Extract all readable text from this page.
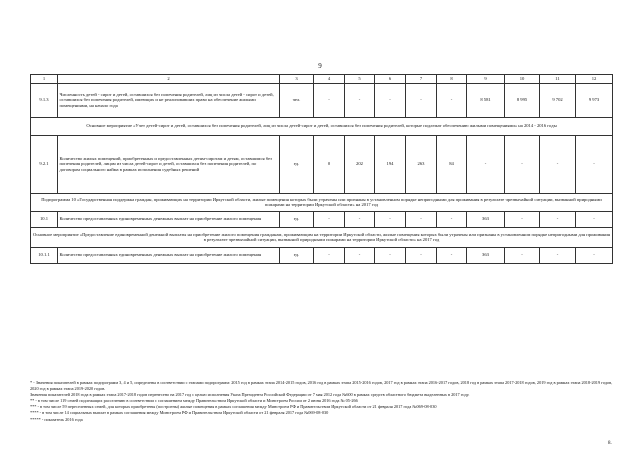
9
1	2	3	4	5	6	7	8	9	10	11	12
9.1.3	Численность детей - сирот и детей, оставшихся без попечения родителей, лиц из числа детей - сирот и детей, оставшихся без попечения родителей, имеющих и не реализовавших право на обеспечение жилыми помещениями, на начало года	чел.	-	-	-	-	-	8 581	8 995	9 702	9 973
Основное мероприятие «Учет детей-сирот и детей, оставшихся без попечения родителей, лиц из числа детей-сирот и детей, оставшихся без попечения родителей, которые подлежат обеспечению жилыми помещениями» на 2014 - 2016 годы											
9.2.1	Количество жилых помещений, приобретенных и предоставленных детям-сиротам и детям, оставшимся без попечения родителей, лицам из числа детей-сирот и детей, оставшихся без попечения родителей, по договорам социального найма в рамках исполнения судебных решений	ед.	0	202	194	263	84	-	-	-	-
Подпрограмма 10 «Государственная поддержка граждан, проживающих на территории Иркутской области, жилые помещения которых были утрачены или признаны в установленном порядке непригодными для проживания в результате чрезвычайной ситуации, вызванной природными пожарами на территории Иркутской области» на 2017 год											
10.1	Количество предоставленных единовременных денежных выплат на приобретение жилого помещения	ед.	-	-	-	-	-	363	-	-	-
Основное мероприятие «Предоставление единовременной денежной выплаты на приобретение жилого помещения гражданам, проживающим на территории Иркутской области, жилые помещения которых были утрачены или признаны в установленном порядке непригодными для проживания в результате чрезвычайной ситуации, вызванной природными пожарами на территории Иркутской области» на 2017 год											
10.1.1	Количество предоставленных единовременных денежных выплат на приобретение жилого помещения	ед.	-	-	-	-	-	363	-	-	-

* - Значения показателей в рамках подпрограмм 3, 4 и 5, определены в соответствии с этапами подпрограмм: 2015 год в рамках этапа 2014-2015 годов, 2016 год в рамках этапа 2015-2016 годов, 2017 год в рамках этапа 2016-2017 годов, 2018 год в рамках этапа 2017-2018 годов, 2019 год в рамках этапа 2018-2019 годов, 2020 год в рамках этапа 2019-2020 годов.

Значения показателей 2018 года в рамках этапа 2017-2018 годов перенесено на 2017 год с целью исполнения Указа Президента Российской Федерации от 7 мая 2012 года №600 в рамках средств областного бюджета выделенных в 2017 году.

** - в том числе 119 семей подлежащих расселению в соответствии с соглашением между Правительством Иркутской области и Минстроем России от 2 июня 2016 года № 05-266

*** - в том числе 59 переселенных семей, для которых приобретены (построены) жилые помещения в рамках соглашения между Минстроем РФ и Правительством Иркутской области от 21 февраля 2017 года №069-08-030

**** - в том числе 14 социальных выплат в рамках соглашения между Минстроем РФ и Правительством Иркутской области от 21 февраля 2017 года №069-08-030

***** - показатель 2016 года

8.
